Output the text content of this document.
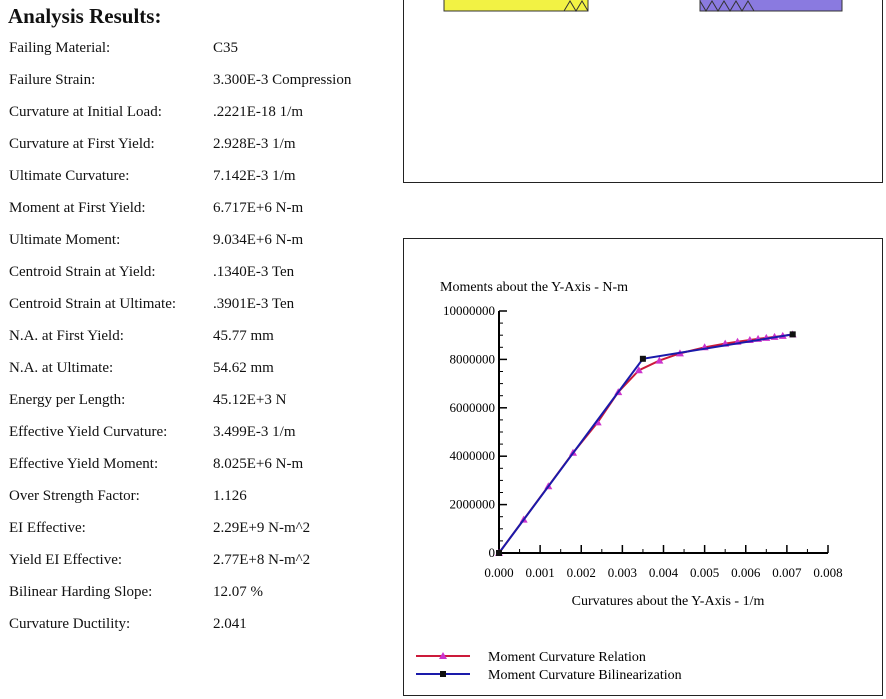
Analysis Results:
Failing Material:	C35
Failure Strain:	3.300E-3 Compression
Curvature at Initial Load:	.2221E-18 1/m
Curvature at First Yield:	2.928E-3 1/m
Ultimate Curvature:	7.142E-3 1/m
Moment at First Yield:	6.717E+6 N-m
Ultimate Moment:	9.034E+6 N-m
Centroid Strain at Yield:	.1340E-3 Ten
Centroid Strain at Ultimate: .3901E-3 Ten
N.A. at First Yield:	45.77 mm
N.A. at Ultimate:	54.62 mm
Energy per Length:	45.12E+3 N
Effective Yield Curvature:	3.499E-3 1/m
Effective Yield Moment:	8.025E+6 N-m
Over Strength Factor:	1.126
EI Effective:	2.29E+9 N-m^2
Yield EI Effective:	2.77E+8 N-m^2
Bilinear Harding Slope:	12.07 %
Curvature Ductility:	2.041
Moments about the Y-Axis - N-m
Curvatures about the Y-Axis - 1/m
0.000 0.001 0.002 0.003 0.004 0.005 0.006 0.007 0.008
0
2000000
4000000
6000000
8000000
10000000
Moment Curvature Relation
Moment Curvature Bilinearization
